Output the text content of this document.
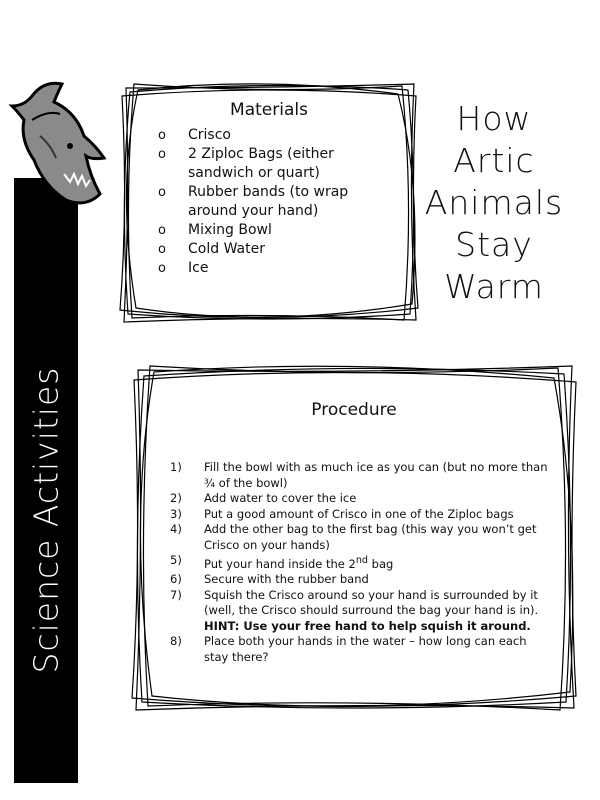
Science Activities
Materials
o Crisco
o 2 Ziploc Bags (either sandwich or quart)
o Rubber bands (to wrap around your hand)
o Mixing Bowl
o Cold Water
o Ice
How
Artic
Animals
Stay
Warm
Procedure
1) Fill the bowl with as much ice as you can (but no more than ¾ of the bowl)
2) Add water to cover the ice
3) Put a good amount of Crisco in one of the Ziploc bags
4) Add the other bag to the first bag (this way you won’t get Crisco on your hands)
5) Put your hand inside the 2nd bag
6) Secure with the rubber band
7) Squish the Crisco around so your hand is surrounded by it (well, the Crisco should surround the bag your hand is in).
HINT: Use your free hand to help squish it around.
8) Place both your hands in the water – how long can each stay there?
